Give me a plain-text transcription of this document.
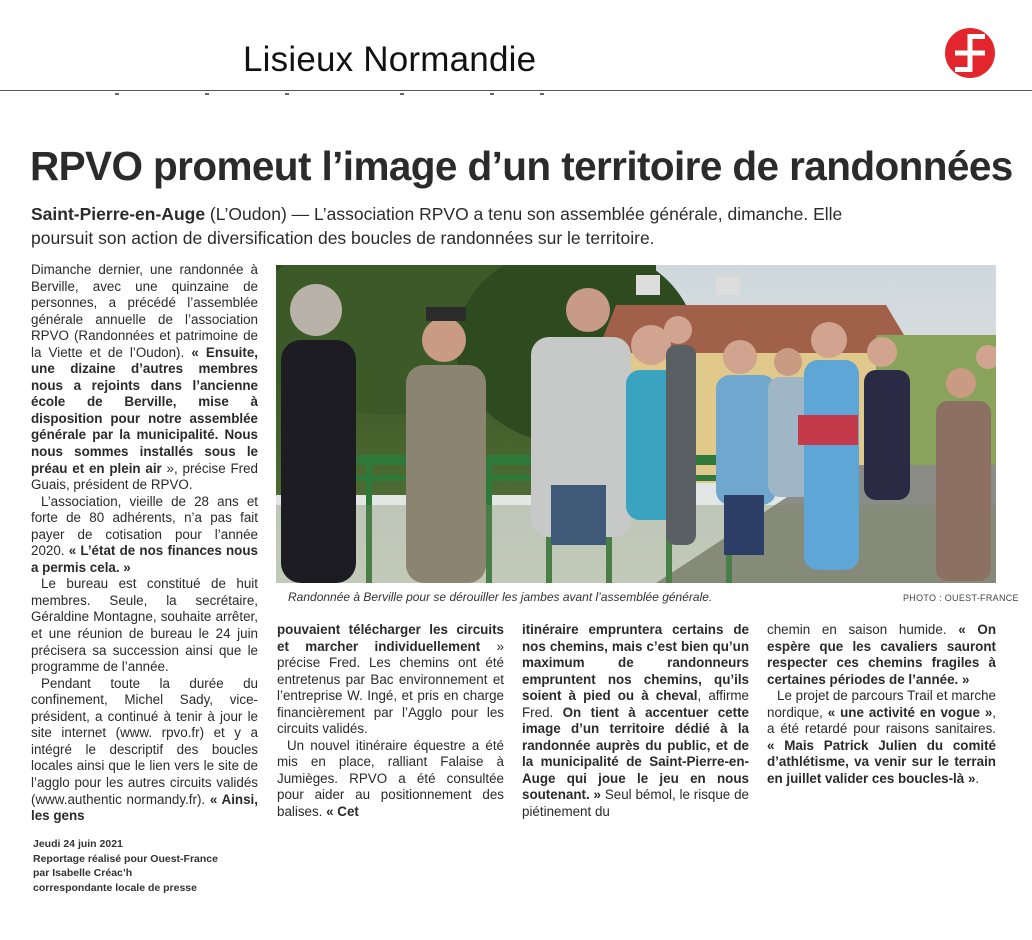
Lisieux Normandie
RPVO promeut l’image d’un territoire de randonnées
Saint-Pierre-en-Auge (L’Oudon) — L’association RPVO a tenu son assemblée générale, dimanche. Elle poursuit son action de diversification des boucles de randonnées sur le territoire.

Dimanche dernier, une randonnée à Berville, avec une quinzaine de personnes, a précédé l’assemblée générale annuelle de l’association RPVO (Randonnées et patrimoine de la Viette et de l’Oudon). « Ensuite, une dizaine d’autres membres nous a rejoints dans l’ancienne école de Berville, mise à disposition pour notre assemblée générale par la municipalité. Nous nous sommes installés sous le préau et en plein air », précise Fred Guais, président de RPVO.

L’association, vieille de 28 ans et forte de 80 adhérents, n’a pas fait payer de cotisation pour l’année 2020. « L’état de nos finances nous a permis cela. »

Le bureau est constitué de huit membres. Seule, la secrétaire, Géraldine Montagne, souhaite arrêter, et une réunion de bureau le 24 juin précisera sa succession ainsi que le programme de l’année.

Pendant toute la durée du confinement, Michel Sady, vice-président, a continué à tenir à jour le site internet (www. rpvo.fr) et y a intégré le descriptif des boucles locales ainsi que le lien vers le site de l’agglo pour les autres circuits validés (www.authentic normandy.fr). « Ainsi, les gens

Randonnée à Berville pour se dérouiller les jambes avant l’assemblée générale.	PHOTO : OUEST-FRANCE

pouvaient télécharger les circuits et marcher individuellement » précise Fred. Les chemins ont été entretenus par Bac environnement et l’entreprise W. Ingé, et pris en charge financièrement par l’Agglo pour les circuits validés.

Un nouvel itinéraire équestre a été mis en place, ralliant Falaise à Jumièges. RPVO a été consultée pour aider au positionnement des balises. « Cet

itinéraire empruntera certains de nos chemins, mais c’est bien qu’un maximum de randonneurs empruntent nos chemins, qu’ils soient à pied ou à cheval, affirme Fred. On tient à accentuer cette image d’un territoire dédié à la randonnée auprès du public, et de la municipalité de Saint-Pierre-en-Auge qui joue le jeu en nous soutenant. » Seul bémol, le risque de piétinement du

chemin en saison humide. « On espère que les cavaliers sauront respecter ces chemins fragiles à certaines périodes de l’année. »

Le projet de parcours Trail et marche nordique, « une activité en vogue », a été retardé pour raisons sanitaires. « Mais Patrick Julien du comité d’athlétisme, va venir sur le terrain en juillet valider ces boucles-là ».

Jeudi 24 juin 2021
Reportage réalisé pour Ouest-France
par Isabelle Créac’h
correspondante locale de presse
